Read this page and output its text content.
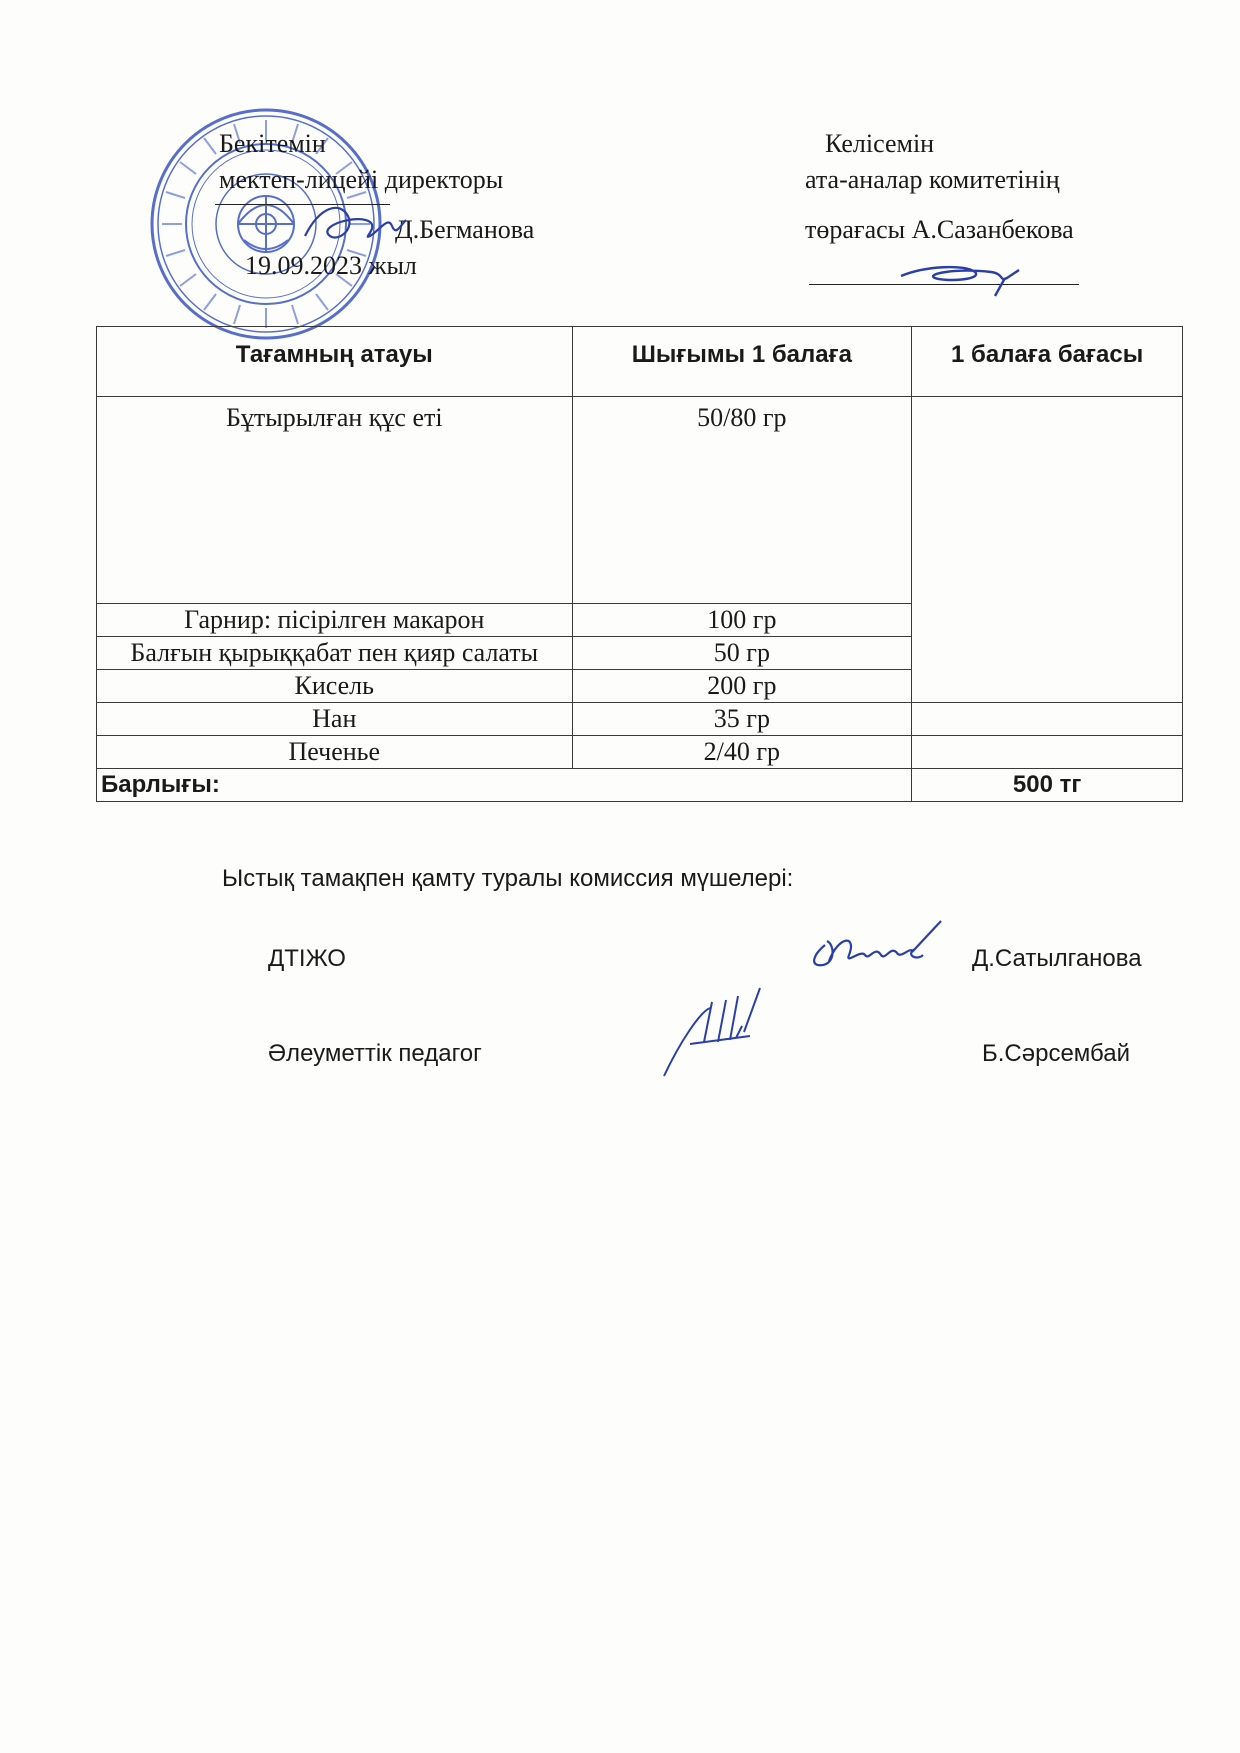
Бекітемін
мектеп-лицейі директоры
Д.Бегманова
19.09.2023 жыл
Келісемін
ата-аналар комитетінің
төрағасы А.Сазанбекова
Тағамның атауы	Шығымы 1 балаға	1 балаға бағасы
Бұтырылған құс еті	50/80 гр	
Гарнир: пісірілген макарон	100 гр	
Балғын қырыққабат пен қияр салаты	50 гр	
Кисель	200 гр	
Нан	35 гр	
Печенье	2/40 гр	
Барлығы:		500 тг
Ыстық тамақпен қамту туралы комиссия мүшелері:
ДТІЖО	Д.Сатылганова
Әлеуметтік педагог	Б.Сәрсембай
